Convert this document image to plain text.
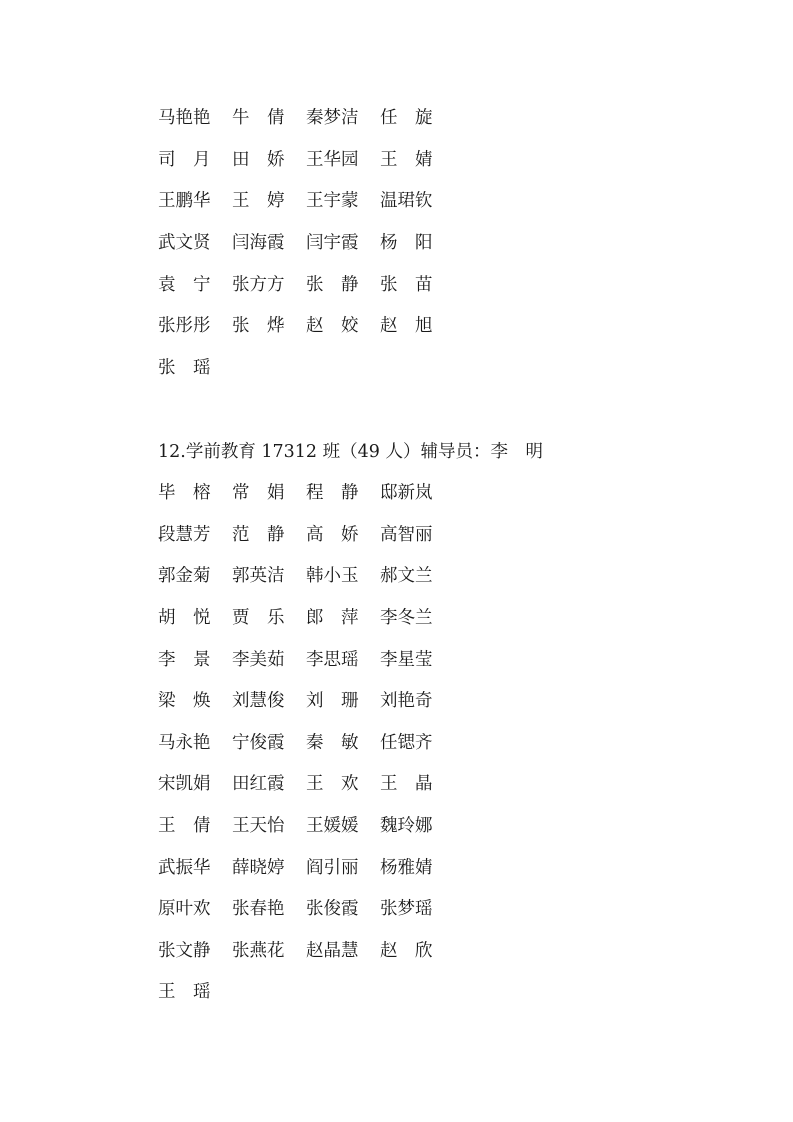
马艳艳	牛　倩	秦梦洁	任　旋
司　月	田　娇	王华园	王　婧
王鹏华	王　婷	王宇蒙	温珺钦
武文贤	闫海霞	闫宇霞	杨　阳
袁　宁	张方方	张　静	张　苗
张彤彤	张　烨	赵　姣	赵　旭
张　瑶
12.学前教育 17312 班（49 人）辅导员：李　明
毕　榕	常　娟	程　静	邸新岚
段慧芳	范　静	高　娇	高智丽
郭金菊	郭英洁	韩小玉	郝文兰
胡　悦	贾　乐	郎　萍	李冬兰
李　景	李美茹	李思瑶	李星莹
梁　焕	刘慧俊	刘　珊	刘艳奇
马永艳	宁俊霞	秦　敏	任锶齐
宋凯娟	田红霞	王　欢	王　晶
王　倩	王天怡	王媛媛	魏玲娜
武振华	薛晓婷	阎引丽	杨雅婧
原叶欢	张春艳	张俊霞	张梦瑶
张文静	张燕花	赵晶慧	赵　欣
王　瑶
